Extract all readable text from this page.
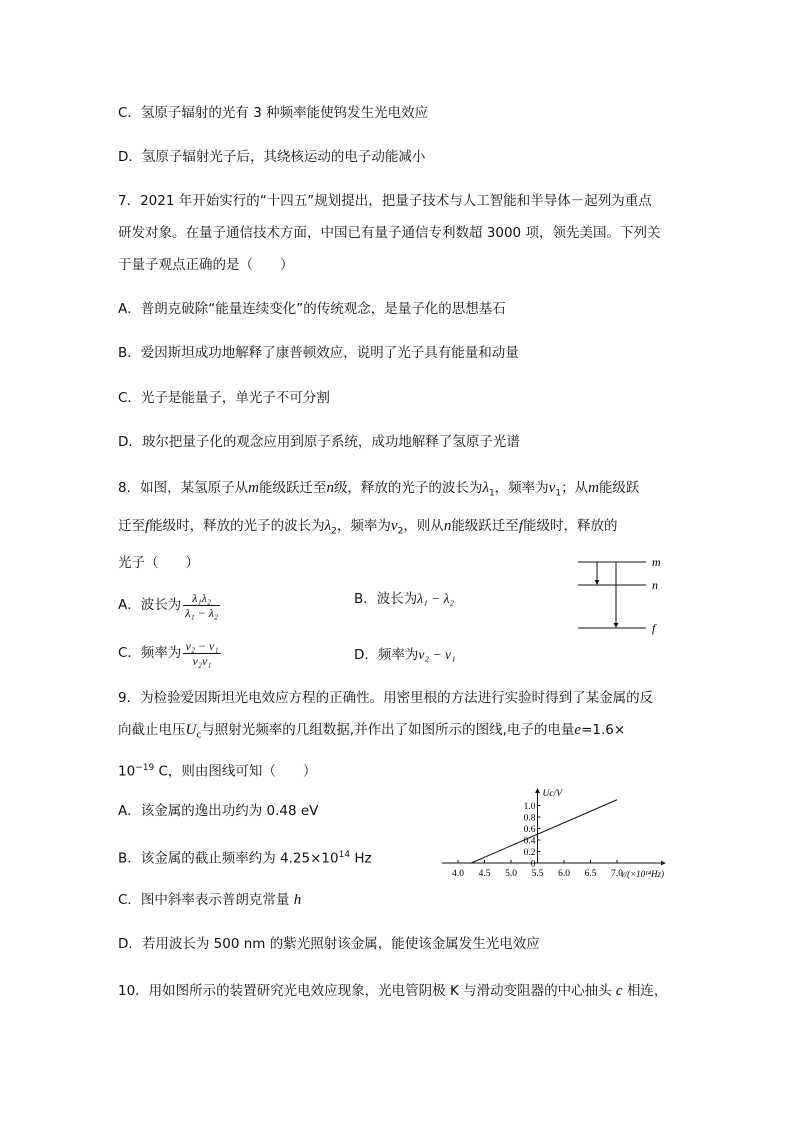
C．氢原子辐射的光有 3 种频率能使钨发生光电效应
D．氢原子辐射光子后，其绕核运动的电子动能减小
7．2021 年开始实行的“十四五”规划提出，把量子技术与人工智能和半导体－起列为重点
研发对象。在量子通信技术方面，中国已有量子通信专利数超 3000 项，领先美国。下列关
于量子观点正确的是（　　）
A．普朗克破除“能量连续变化”的传统观念，是量子化的思想基石
B．爱因斯坦成功地解释了康普顿效应，说明了光子具有能量和动量
C．光子是能量子，单光子不可分割
D．玻尔把量子化的观念应用到原子系统，成功地解释了氢原子光谱
8．如图，某氢原子从m能级跃迁至n级，释放的光子的波长为$\lambda_1$，频率为$\nu_1$；从m能级跃
迁至f能级时，释放的光子的波长为$\lambda_2$，频率为$\nu_2$，则从n能级跃迁至f能级时，释放的
光子（　　）
A．波长为 $\frac{\text{λ₁λ₂}}{\text{λ₁ − λ₂}}$	B．波长为λ₁ − λ₂
C．频率为 $\frac{\text{ν₂ − ν₁}}{\text{ν₂ν₁}}$	D．频率为ν₂ − ν₁
m
n
f
9．为检验爱因斯坦光电效应方程的正确性。用密里根的方法进行实验时得到了某金属的反
向截止电压$U_c$与照射光频率的几组数据,并作出了如图所示的图线,电子的电量e=1.6×
$10^{-19}$ C，则由图线可知（　　）
A．该金属的逸出功约为 0.48 eV
B．该金属的截止频率约为 $4.25\times 10^{14}$ Hz
C．图中斜率表示普朗克常量 h
D．若用波长为 500 nm 的紫光照射该金属，能使该金属发生光电效应
4.0 4.5 5.0 5.5 6.0 6.5 7.0
0
0.2
0.4
0.6
0.8
1.0
ν/(×10¹⁴Hz)
Uc/V
10．用如图所示的装置研究光电效应现象，光电管阴极 K 与滑动变阻器的中心抽头 c 相连，
